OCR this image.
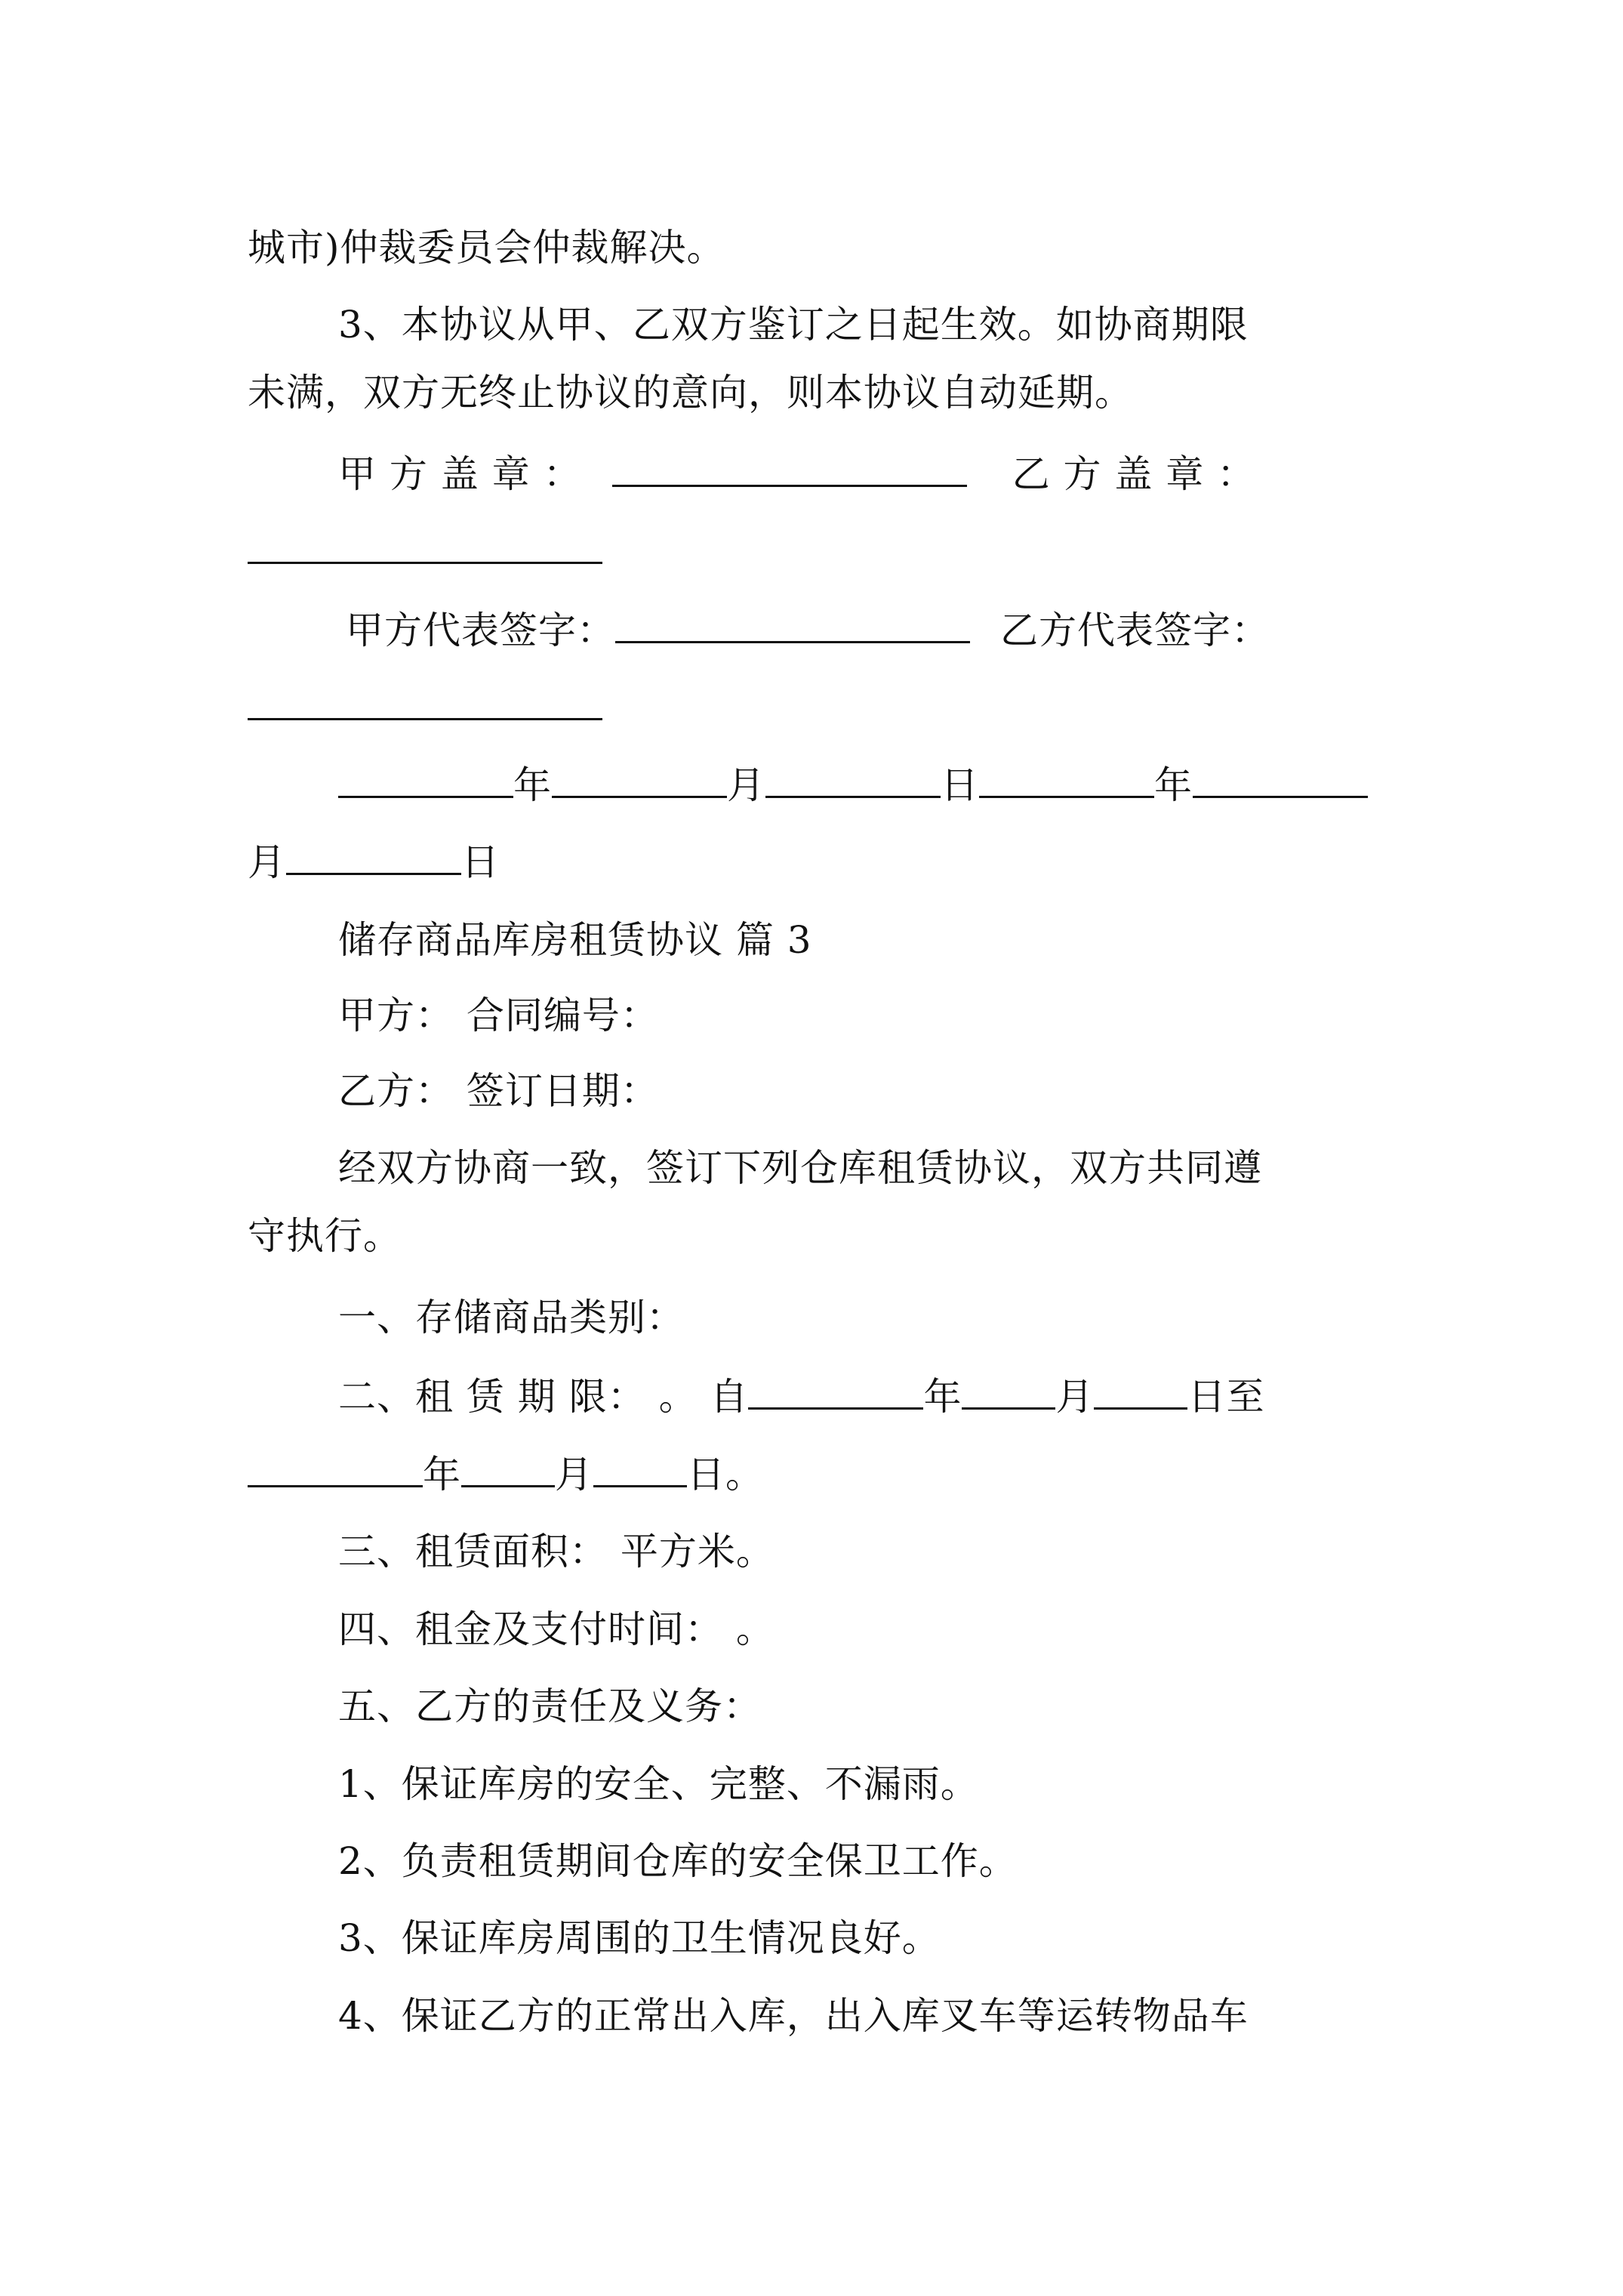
城市)仲裁委员会仲裁解决。
3、本协议从甲、乙双方鉴订之日起生效。如协商期限
未满，双方无终止协议的意向，则本协议自动延期。
甲 方 盖 章 ：	乙 方 盖 章 ：
甲方代表签字：	乙方代表签字：
年	月	日	年
月	日
储存商品库房租赁协议 篇 3
甲方： 合同编号：
乙方： 签订日期：
经双方协商一致，签订下列仓库租赁协议，双方共同遵
守执行。
一、存储商品类别：
二、租 赁 期 限： 。 自	年 月 日至
年 月 日。
三、租赁面积： 平方米。
四、租金及支付时间： 。
五、乙方的责任及义务：
1、保证库房的安全、完整、不漏雨。
2、负责租赁期间仓库的安全保卫工作。
3、保证库房周围的卫生情况良好。
4、保证乙方的正常出入库，出入库叉车等运转物品车
